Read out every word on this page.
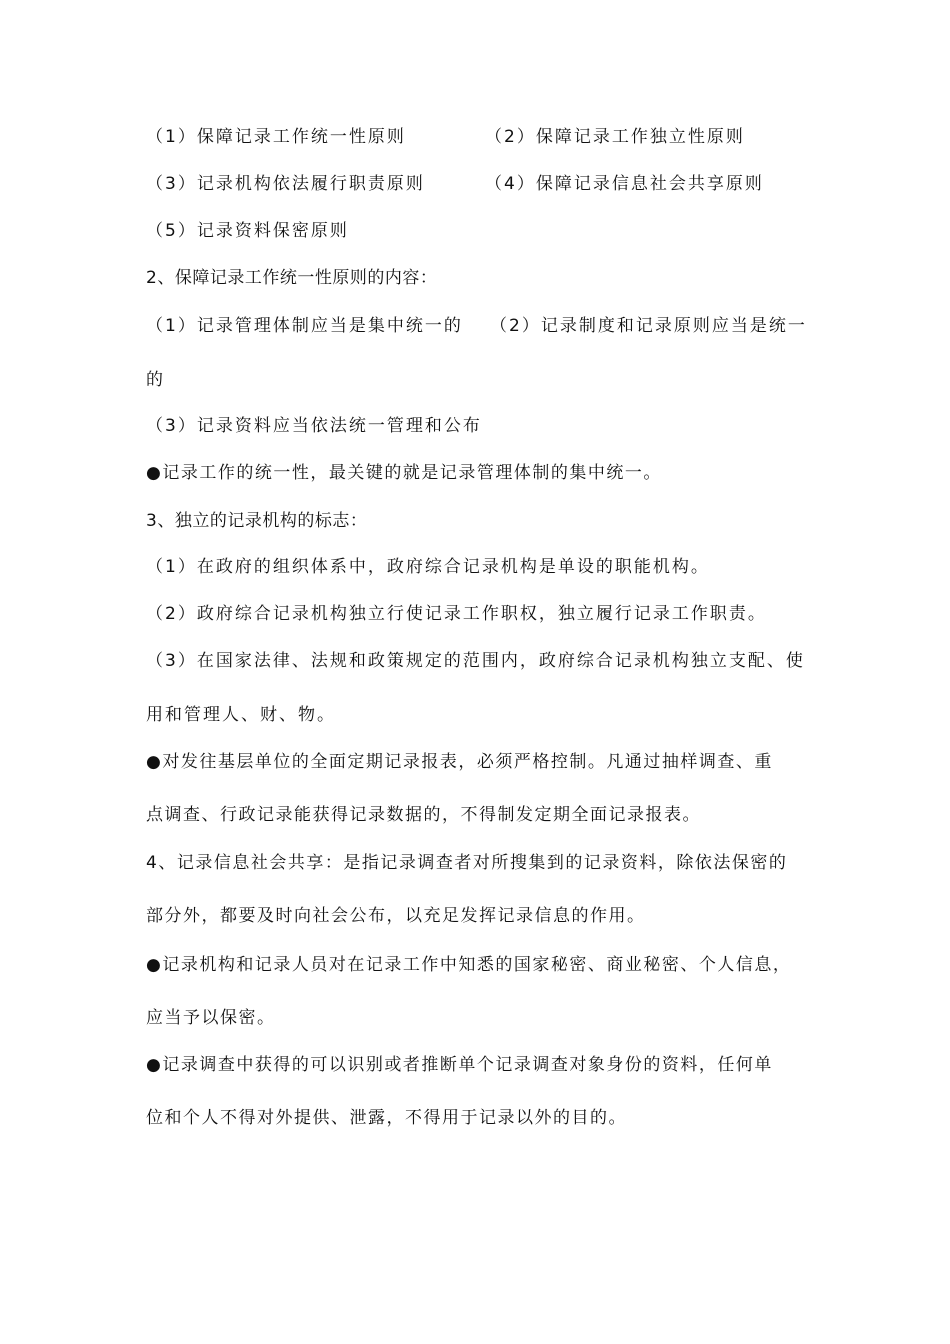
（1）保障记录工作统一性原则	（2）保障记录工作独立性原则
（3）记录机构依法履行职责原则	（4）保障记录信息社会共享原则
（5）记录资料保密原则
2、保障记录工作统一性原则的内容：
（1）记录管理体制应当是集中统一的 （2）记录制度和记录原则应当是统一
的
（3）记录资料应当依法统一管理和公布
●记录工作的统一性，最关键的就是记录管理体制的集中统一。
3、独立的记录机构的标志：
（1）在政府的组织体系中，政府综合记录机构是单设的职能机构。
（2）政府综合记录机构独立行使记录工作职权，独立履行记录工作职责。
（3）在国家法律、法规和政策规定的范围内，政府综合记录机构独立支配、使
用和管理人、财、物。
●对发往基层单位的全面定期记录报表，必须严格控制。凡通过抽样调查、重
点调查、行政记录能获得记录数据的，不得制发定期全面记录报表。
4、记录信息社会共享：是指记录调查者对所搜集到的记录资料，除依法保密的
部分外，都要及时向社会公布，以充足发挥记录信息的作用。
●记录机构和记录人员对在记录工作中知悉的国家秘密、商业秘密、个人信息，
应当予以保密。
●记录调查中获得的可以识别或者推断单个记录调查对象身份的资料，任何单
位和个人不得对外提供、泄露，不得用于记录以外的目的。
